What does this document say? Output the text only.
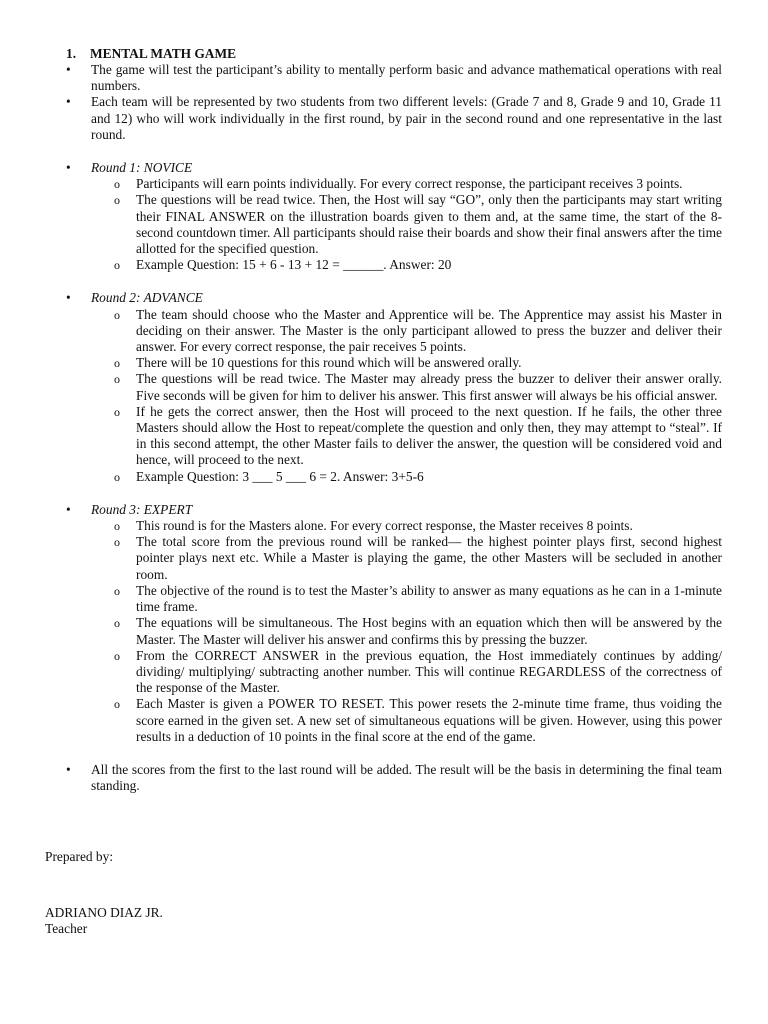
1. MENTAL MATH GAME
• The game will test the participant’s ability to mentally perform basic and advance mathematical operations with real numbers.
• Each team will be represented by two students from two different levels: (Grade 7 and 8, Grade 9 and 10, Grade 11 and 12) who will work individually in the first round, by pair in the second round and one representative in the last round.
• Round 1: NOVICE
o Participants will earn points individually. For every correct response, the participant receives 3 points.
o The questions will be read twice. Then, the Host will say “GO”, only then the participants may start writing their FINAL ANSWER on the illustration boards given to them and, at the same time, the start of the 8-second countdown timer. All participants should raise their boards and show their final answers after the time allotted for the specified question.
o Example Question: 15 + 6 - 13 + 12 = ______. Answer: 20
• Round 2: ADVANCE
o The team should choose who the Master and Apprentice will be. The Apprentice may assist his Master in deciding on their answer. The Master is the only participant allowed to press the buzzer and deliver their answer. For every correct response, the pair receives 5 points.
o There will be 10 questions for this round which will be answered orally.
o The questions will be read twice. The Master may already press the buzzer to deliver their answer orally. Five seconds will be given for him to deliver his answer. This first answer will always be his official answer.
o If he gets the correct answer, then the Host will proceed to the next question. If he fails, the other three Masters should allow the Host to repeat/complete the question and only then, they may attempt to “steal”. If in this second attempt, the other Master fails to deliver the answer, the question will be considered void and hence, will proceed to the next.
o Example Question: 3 ___ 5 ___ 6 = 2. Answer: 3+5-6
• Round 3: EXPERT
o This round is for the Masters alone. For every correct response, the Master receives 8 points.
o The total score from the previous round will be ranked— the highest pointer plays first, second highest pointer plays next etc. While a Master is playing the game, the other Masters will be secluded in another room.
o The objective of the round is to test the Master’s ability to answer as many equations as he can in a 1-minute time frame.
o The equations will be simultaneous. The Host begins with an equation which then will be answered by the Master. The Master will deliver his answer and confirms this by pressing the buzzer.
o From the CORRECT ANSWER in the previous equation, the Host immediately continues by adding/ dividing/ multiplying/ subtracting another number. This will continue REGARDLESS of the correctness of the response of the Master.
o Each Master is given a POWER TO RESET. This power resets the 2-minute time frame, thus voiding the score earned in the given set. A new set of simultaneous equations will be given. However, using this power results in a deduction of 10 points in the final score at the end of the game.
• All the scores from the first to the last round will be added. The result will be the basis in determining the final team standing.
Prepared by:
ADRIANO DIAZ JR.
Teacher
